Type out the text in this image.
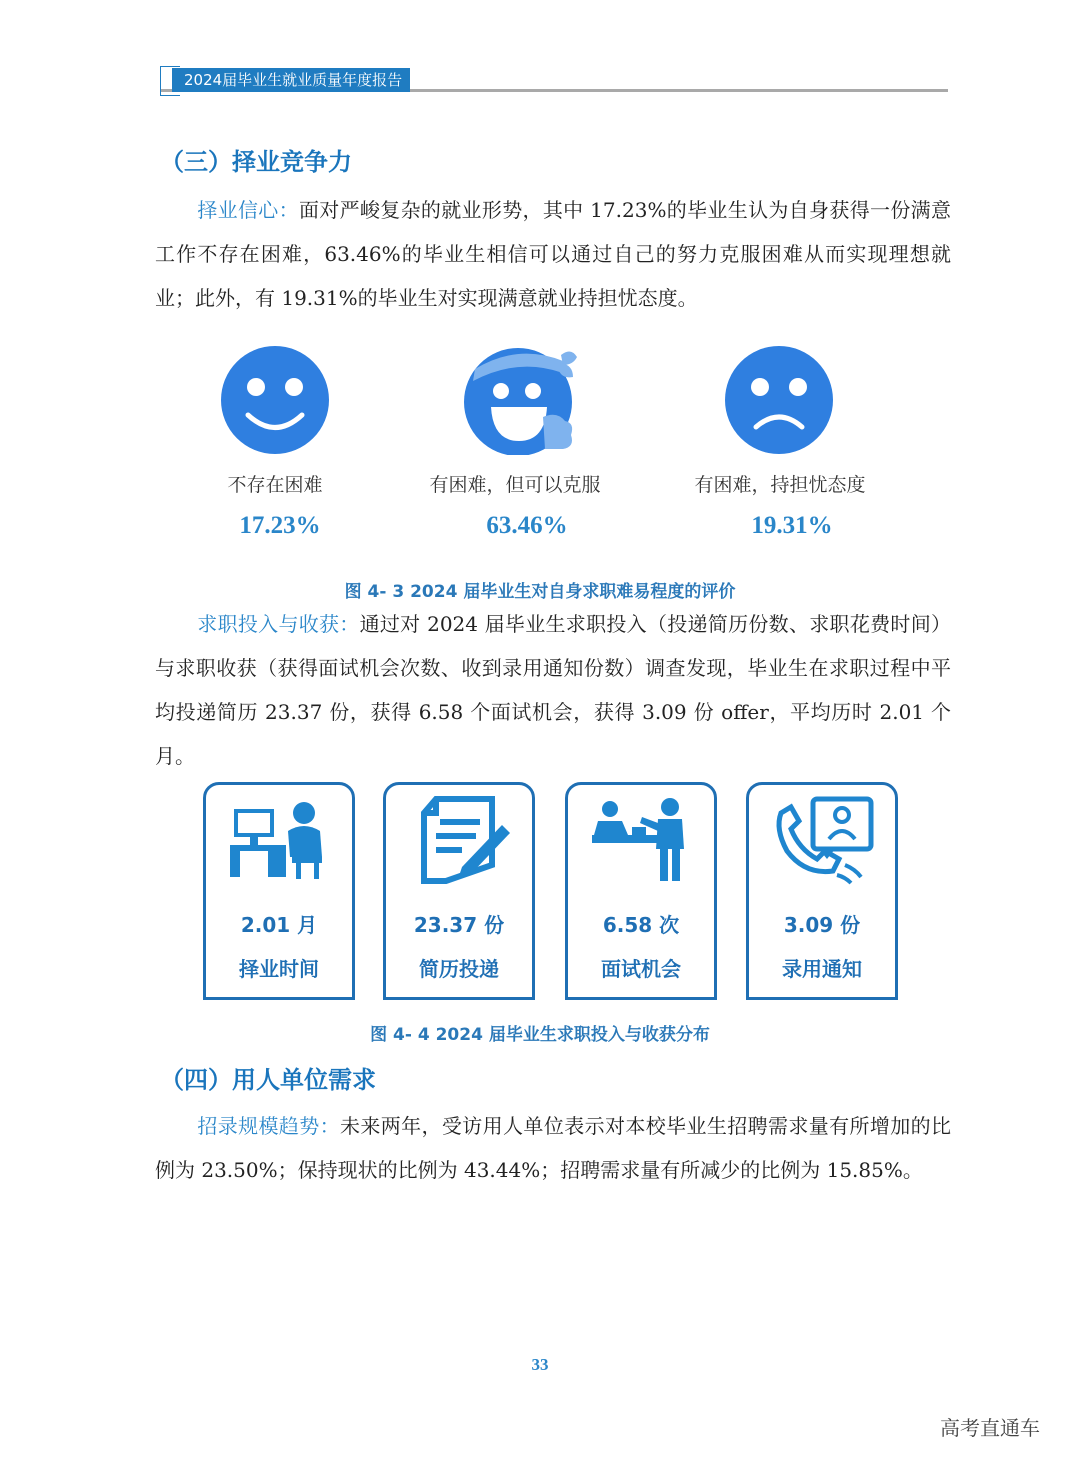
2024届毕业生就业质量年度报告
（三）择业竞争力
择业信心：面对严峻复杂的就业形势，其中 17.23%的毕业生认为自身获得一份满意工作不存在困难，63.46%的毕业生相信可以通过自己的努力克服困难从而实现理想就业；此外，有 19.31%的毕业生对实现满意就业持担忧态度。
不存在困难	有困难，但可以克服	有困难，持担忧态度
17.23%	63.46%	19.31%
图 4- 3 2024 届毕业生对自身求职难易程度的评价
求职投入与收获：通过对 2024 届毕业生求职投入（投递简历份数、求职花费时间）与求职收获（获得面试机会次数、收到录用通知份数）调查发现，毕业生在求职过程中平均投递简历 23.37 份，获得 6.58 个面试机会，获得 3.09 份 offer，平均历时 2.01 个月。
2.01 月
择业时间
23.37 份
简历投递
6.58 次
面试机会
3.09 份
录用通知
图 4- 4 2024 届毕业生求职投入与收获分布
（四）用人单位需求
招录规模趋势：未来两年，受访用人单位表示对本校毕业生招聘需求量有所增加的比例为 23.50%；保持现状的比例为 43.44%；招聘需求量有所减少的比例为 15.85%。
33
高考直通车
